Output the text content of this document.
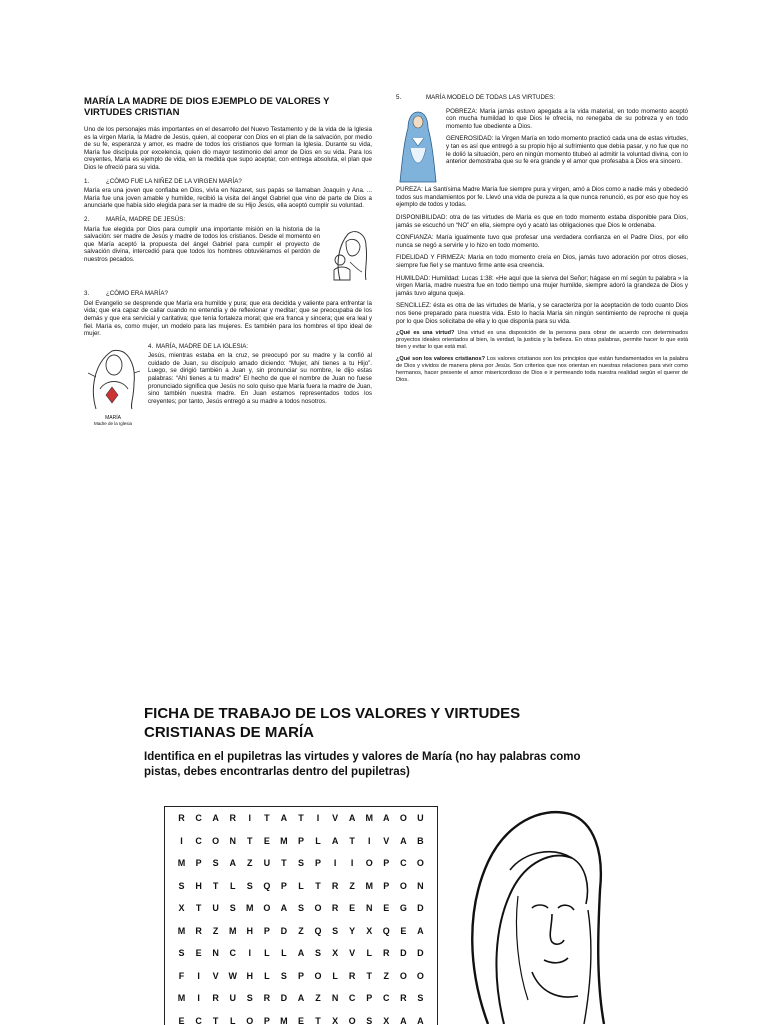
MARÍA LA MADRE DE DIOS EJEMPLO DE VALORES Y VIRTUDES CRISTIAN

Uno de los personajes más importantes en el desarrollo del Nuevo Testamento y de la vida de la Iglesia es la virgen María, la Madre de Jesús, quien, al cooperar con Dios en el plan de la salvación, por medio de su fe, esperanza y amor, es madre de todos los cristianos que forman la Iglesia. Durante su vida, María fue discípula por excelencia, quien dio mayor testimonio del amor de Dios en su vida. Para los creyentes, María es ejemplo de vida, en la medida que supo aceptar, con entrega absoluta, el plan que Dios le ofreció para su vida.

1.	¿CÓMO FUE LA NIÑEZ DE LA VIRGEN MARÍA?

María era una joven que confiaba en Dios, vivía en Nazaret, sus papás se llamaban Joaquín y Ana. ... María fue una joven amable y humilde, recibió la visita del ángel Gabriel que vino de parte de Dios a anunciarle que había sido elegida para ser la madre de su Hijo Jesús, ella aceptó cumplir su voluntad.

2.	MARÍA, MADRE DE JESÚS:

María fue elegida por Dios para cumplir una importante misión en la historia de la salvación: ser madre de Jesús y madre de todos los cristianos. Desde el momento en que María aceptó la propuesta del ángel Gabriel para cumplir el proyecto de salvación divina, intercedió para que todos los hombres obtuviéramos el perdón de nuestros pecados.

3.	¿CÓMO ERA MARÍA?

Del Evangelio se desprende que María era humilde y pura; que era decidida y valiente para enfrentar la vida; que era capaz de callar cuando no entendía y de reflexionar y meditar; que se preocupaba de los demás y que era servicial y caritativa; que tenía fortaleza moral; que era franca y sincera; que era leal y fiel. María es, como mujer, un modelo para las mujeres. Es también para los hombres el tipo ideal de mujer.

MARÍA
Madre de la Iglesia
4. MARÍA, MADRE DE LA IGLESIA:

Jesús, mientras estaba en la cruz, se preocupó por su madre y la confió al cuidado de Juan, su discípulo amado diciendo: “Mujer, ahí tienes a tu Hijo”. Luego, se dirigió también a Juan y, sin pronunciar su nombre, le dijo estas palabras: “Ahí tienes a tu madre” El hecho de que el nombre de Juan no fuese pronunciado significa que Jesús no solo quiso que María fuera la madre de Juan, sino también nuestra madre. En Juan estamos representados todos los creyentes; por tanto, Jesús entregó a su madre a todos nosotros.

5.	MARÍA MODELO DE TODAS LAS VIRTUDES:

POBREZA: María jamás estuvo apegada a la vida material, en todo momento aceptó con mucha humildad lo que Dios le ofrecía, no renegaba de su pobreza y en todo momento fue obediente a Dios.

GENEROSIDAD: la Virgen María en todo momento practicó cada una de estas virtudes, y tan es así que entregó a su propio hijo al sufrimiento que debía pasar, y no fue que no le dolió la situación, pero en ningún momento titubeó al admitir la voluntad divina, con lo anterior demostraba que su fe era grande y el amor que profesaba a Dios era sincero.

PUREZA: La Santísima Madre María fue siempre pura y virgen, amó a Dios como a nadie más y obedeció todos sus mandamientos por fe. Llevó una vida de pureza a la que nunca renunció, es por eso que hoy es ejemplo de todos y todas.

DISPONIBILIDAD: otra de las virtudes de María es que en todo momento estaba disponible para Dios, jamás se escuchó un “NO” en ella, siempre oyó y acató las obligaciones que Dios le ordenaba.

CONFIANZA: María igualmente tuvo que profesar una verdadera confianza en el Padre Dios, por ello nunca se negó a servirle y lo hizo en todo momento.

FIDELIDAD Y FIRMEZA: María en todo momento creía en Dios, jamás tuvo adoración por otros dioses, siempre fue fiel y se mantuvo firme ante esa creencia.

HUMILDAD: Humildad: Lucas 1:38: «He aquí que la sierva del Señor; hágase en mí según tu palabra » la virgen María, madre nuestra fue en todo tiempo una mujer humilde, siempre adoró la grandeza de Dios y jamás tuvo alguna queja.

SENCILLEZ: ésta es otra de las virtudes de María, y se caracteriza por la aceptación de todo cuanto Dios nos tiene preparado para nuestra vida. Esto lo hacía María sin ningún sentimiento de reproche ni queja por lo que Dios solicitaba de ella y lo que disponía para su vida.

¿Qué es una virtud? Una virtud es una disposición de la persona para obrar de acuerdo con determinados proyectos ideales orientados al bien, la verdad, la justicia y la belleza. En otras palabras, permite hacer lo que está bien y evitar lo que está mal.

¿Qué son los valores cristianos? Los valores cristianos son los principios que están fundamentados en la palabra de Dios y vividos de manera plena por Jesús. Son criterios que nos orientan en nuestras relaciones para vivir como hermanos, hacer presente el amor misericordioso de Dios e ir permeando toda nuestra realidad según el querer de Dios.

FICHA DE TRABAJO DE LOS VALORES Y VIRTUDES
CRISTIANAS DE MARÍA
Identifica en el pupiletras las virtudes y valores de María (no hay palabras como pistas, debes encontrarlas dentro del pupiletras)
R	C	A	R	I	T	A	T	I	V	A	M	A	O	U
I	C	O	N	T	E	M	P	L	A	T	I	V	A	B
M	P	S	A	Z	U	T	S	P	I	I	O	P	C	O
S	H	T	L	S	Q	P	L	T	R	Z	M	P	O	N
X	T	U	S	M	O	A	S	O	R	E	N	E	G	D
M	R	Z	M	H	P	D	Z	Q	S	Y	X	Q	E	A
S	E	N	C	I	L	L	A	S	X	V	L	R	D	D
F	I	V	W	H	L	S	P	O	L	R	T	Z	O	O
M	I	R	U	S	R	D	A	Z	N	C	P	C	R	S
E	C	T	L	O	P	M	E	T	X	O	S	X	A	A
